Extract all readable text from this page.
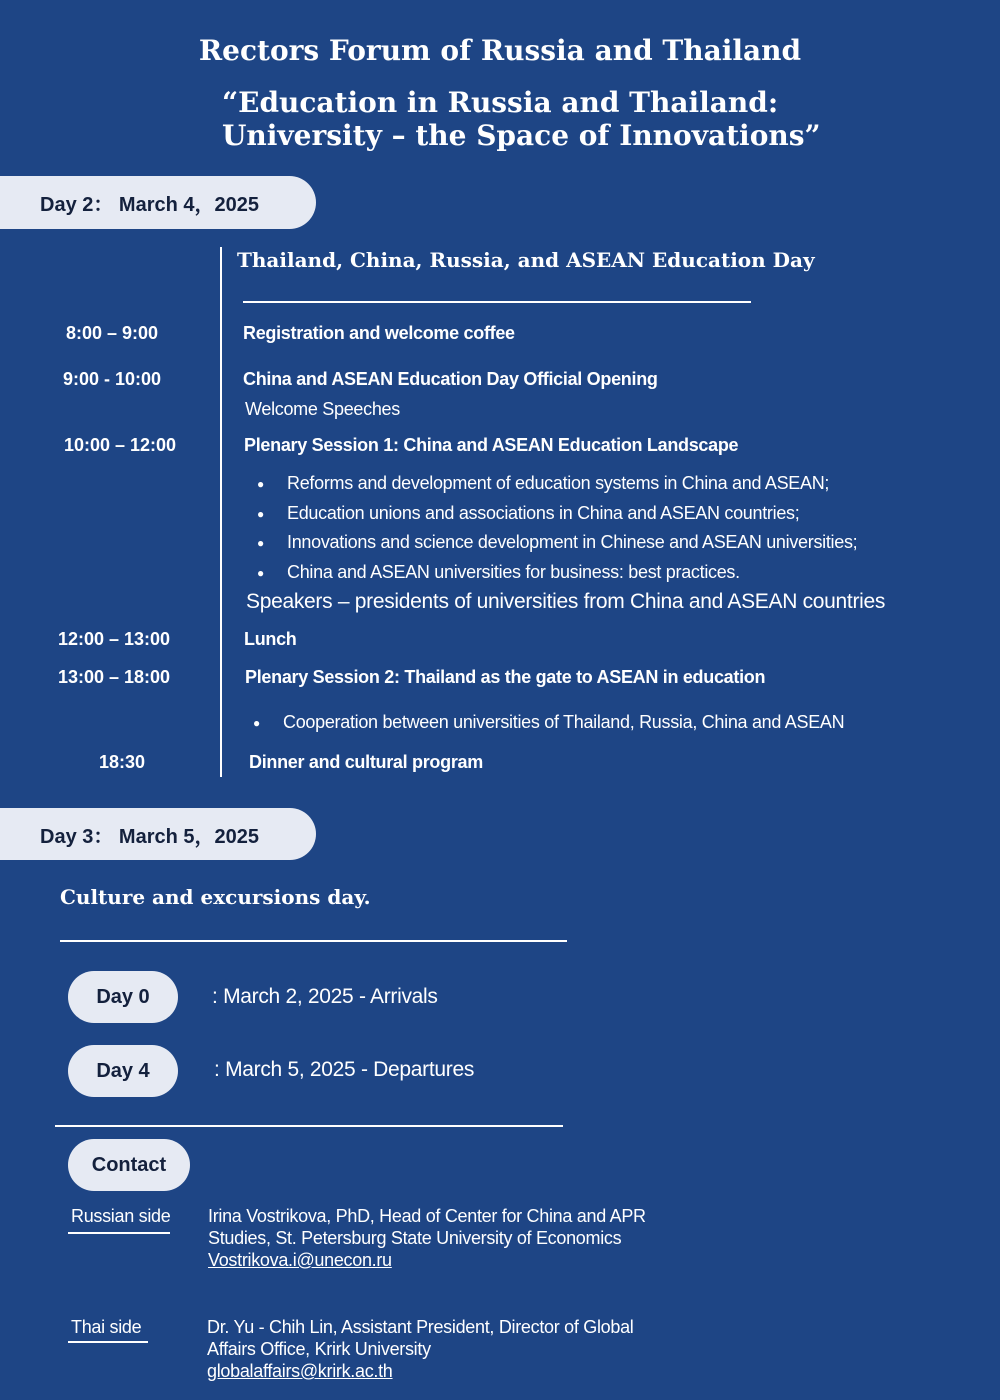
Rectors Forum of Russia and Thailand
“Education in Russia and Thailand:
University – the Space of Innovations”
Day 2： March 4，2025
Thailand, China, Russia, and ASEAN Education Day
8:00 – 9:00	Registration and welcome coffee
9:00 - 10:00	China and ASEAN Education Day Official Opening
Welcome Speeches
10:00 – 12:00	Plenary Session 1: China and ASEAN Education Landscape
● Reforms and development of education systems in China and ASEAN;
● Education unions and associations in China and ASEAN countries;
● Innovations and science development in Chinese and ASEAN universities;
● China and ASEAN universities for business: best practices.
Speakers – presidents of universities from China and ASEAN countries
12:00 – 13:00	Lunch
13:00 – 18:00	Plenary Session 2: Thailand as the gate to ASEAN in education
● Cooperation between universities of Thailand, Russia, China and ASEAN
18:30	Dinner and cultural program
Day 3： March 5，2025
Culture and excursions day.
Day 0	: March 2, 2025 - Arrivals
Day 4	: March 5, 2025 - Departures
Contact
Russian side Irina Vostrikova, PhD, Head of Center for China and APR
Studies, St. Petersburg State University of Economics
Vostrikova.i@unecon.ru
Thai side	Dr. Yu - Chih Lin, Assistant President, Director of Global
Affairs Office, Krirk University
globalaffairs@krirk.ac.th
